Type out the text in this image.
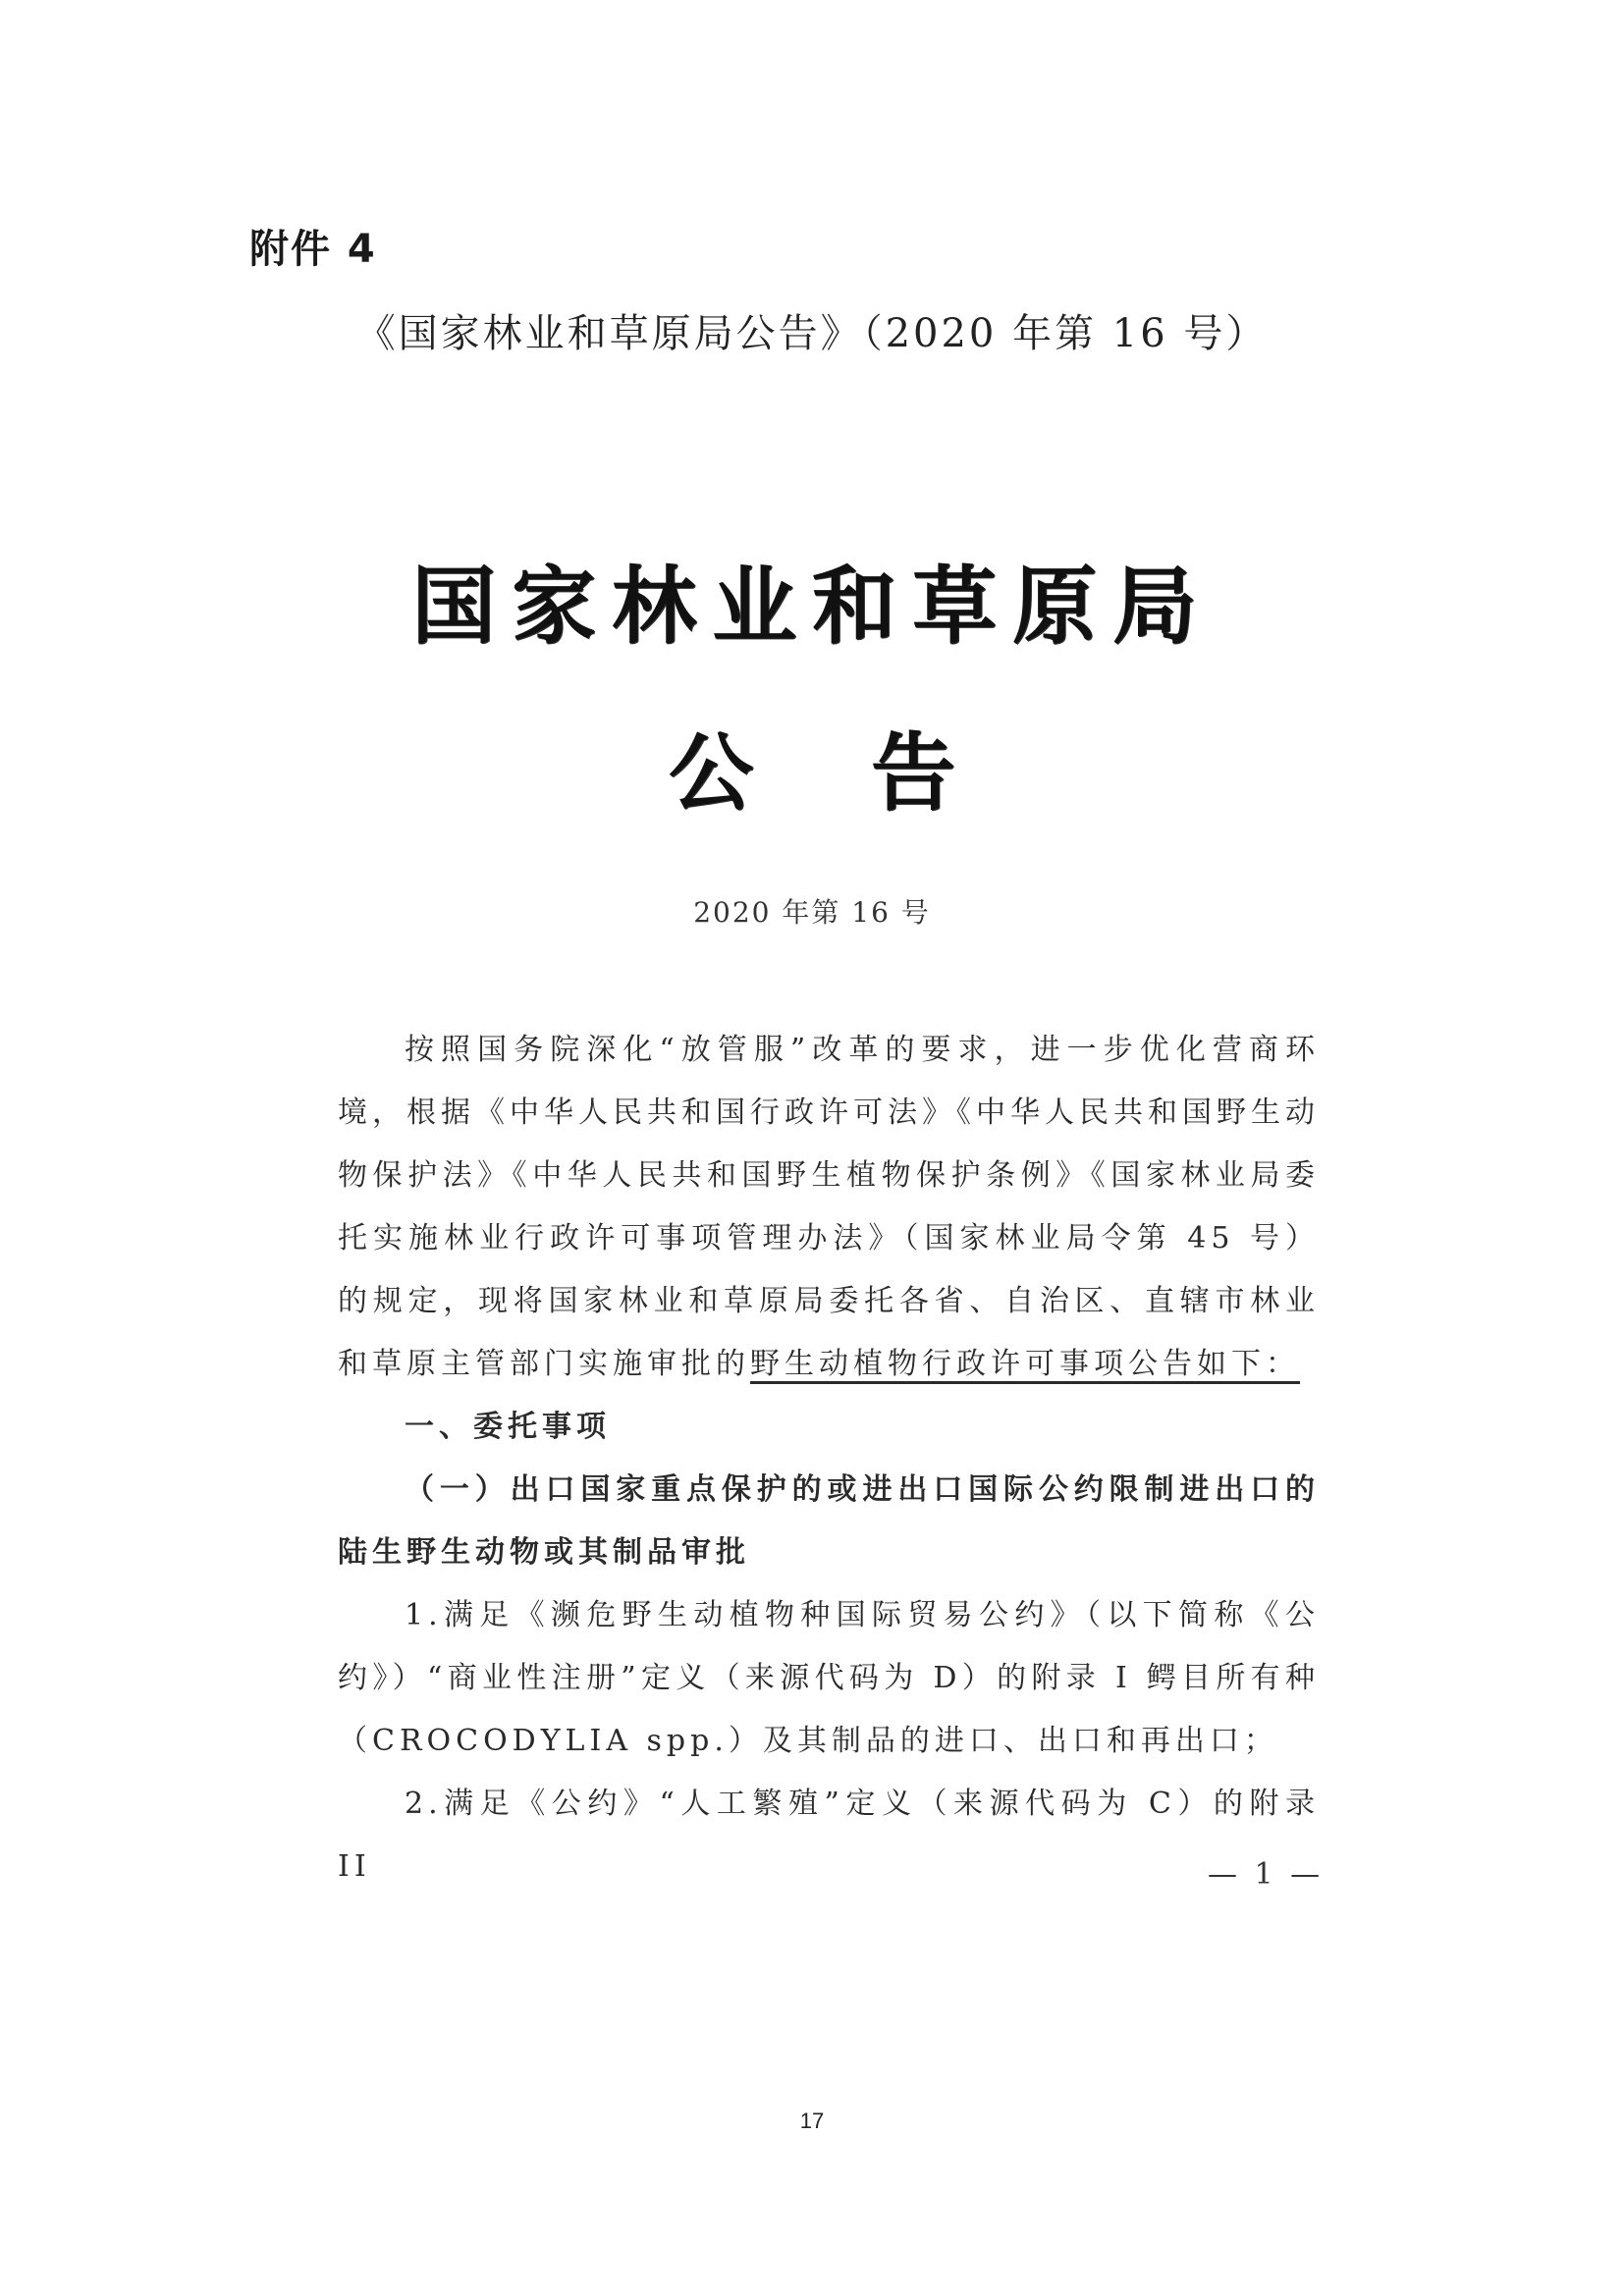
附件 4
《国家林业和草原局公告》（2020 年第 16 号）
国家林业和草原局
公告
2020 年第 16 号

按照国务院深化“放管服”改革的要求，进一步优化营商环境，根据《中华人民共和国行政许可法》《中华人民共和国野生动物保护法》《中华人民共和国野生植物保护条例》《国家林业局委托实施林业行政许可事项管理办法》（国家林业局令第 45 号）的规定，现将国家林业和草原局委托各省、自治区、直辖市林业和草原主管部门实施审批的野生动植物行政许可事项公告如下：

一、委托事项

（一）出口国家重点保护的或进出口国际公约限制进出口的陆生野生动物或其制品审批

1.满足《濒危野生动植物种国际贸易公约》（以下简称《公约》）“商业性注册”定义（来源代码为 D）的附录 I 鳄目所有种（CROCODYLIA spp.）及其制品的进口、出口和再出口；

2.满足《公约》“人工繁殖”定义（来源代码为 C）的附录 II	— 1 —
17
